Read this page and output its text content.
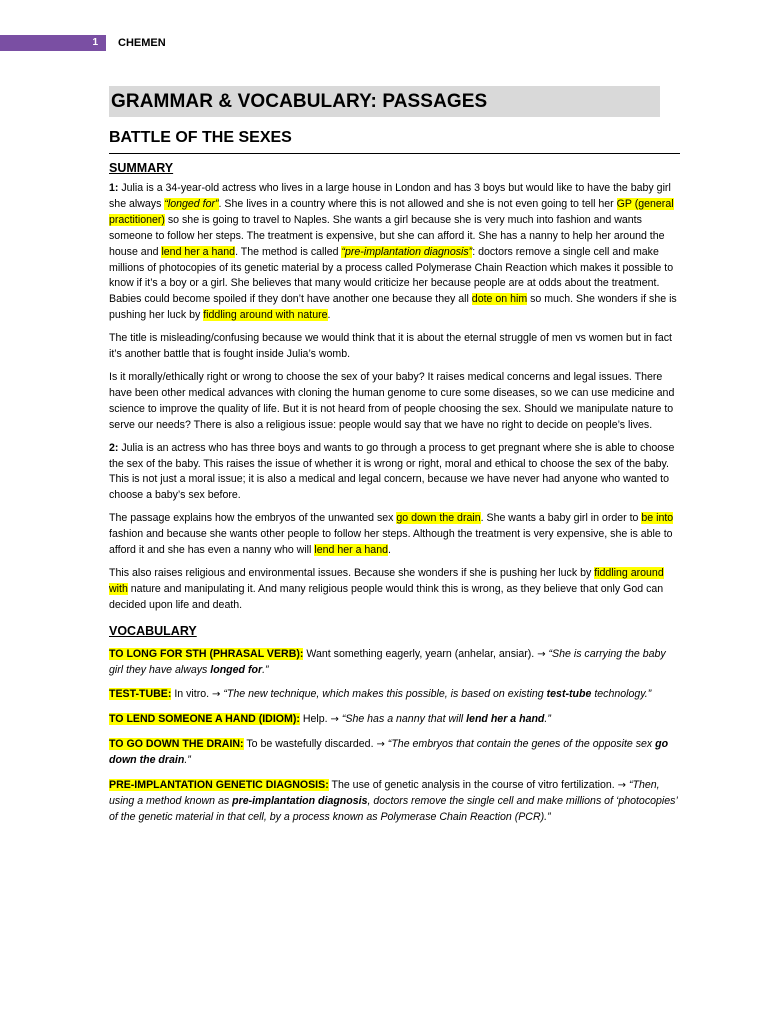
1	CHEMEN
GRAMMAR & VOCABULARY: PASSAGES
BATTLE OF THE SEXES
SUMMARY

1: Julia is a 34-year-old actress who lives in a large house in London and has 3 boys but would like to have the baby girl she always “longed for”. She lives in a country where this is not allowed and she is not even going to tell her GP (general practitioner) so she is going to travel to Naples. She wants a girl because she is very much into fashion and wants someone to follow her steps. The treatment is expensive, but she can afford it. She has a nanny to help her around the house and lend her a hand. The method is called “pre-implantation diagnosis”: doctors remove a single cell and make millions of photocopies of its genetic material by a process called Polymerase Chain Reaction which makes it possible to know if it’s a boy or a girl. She believes that many would criticize her because people are at odds about the treatment. Babies could become spoiled if they don’t have another one because they all dote on him so much. She wonders if she is pushing her luck by fiddling around with nature.

The title is misleading/confusing because we would think that it is about the eternal struggle of men vs women but in fact it’s another battle that is fought inside Julia’s womb.

Is it morally/ethically right or wrong to choose the sex of your baby? It raises medical concerns and legal issues. There have been other medical advances with cloning the human genome to cure some diseases, so we can use medicine and science to improve the quality of life. But it is not heard from of people choosing the sex. Should we manipulate nature to serve our needs? There is also a religious issue: people would say that we have no right to decide on people’s lives.

2: Julia is an actress who has three boys and wants to go through a process to get pregnant where she is able to choose the sex of the baby. This raises the issue of whether it is wrong or right, moral and ethical to choose the sex of the baby. This is not just a moral issue; it is also a medical and legal concern, because we have never had anyone who wanted to choose a baby’s sex before.

The passage explains how the embryos of the unwanted sex go down the drain. She wants a baby girl in order to be into fashion and because she wants other people to follow her steps. Although the treatment is very expensive, she is able to afford it and she has even a nanny who will lend her a hand.

This also raises religious and environmental issues. Because she wonders if she is pushing her luck by fiddling around with nature and manipulating it. And many religious people would think this is wrong, as they believe that only God can decided upon life and death.

VOCABULARY

TO LONG FOR STH (PHRASAL VERB): Want something eagerly, yearn (anhelar, ansiar). → “She is carrying the baby girl they have always longed for.”

TEST-TUBE: In vitro. → “The new technique, which makes this possible, is based on existing test-tube technology.”

TO LEND SOMEONE A HAND (IDIOM): Help. → “She has a nanny that will lend her a hand.”

TO GO DOWN THE DRAIN: To be wastefully discarded. → “The embryos that contain the genes of the opposite sex go down the drain.”

PRE-IMPLANTATION GENETIC DIAGNOSIS: The use of genetic analysis in the course of vitro fertilization. → “Then, using a method known as pre-implantation diagnosis, doctors remove the single cell and make millions of ‘photocopies’ of the genetic material in that cell, by a process known as Polymerase Chain Reaction (PCR).”
